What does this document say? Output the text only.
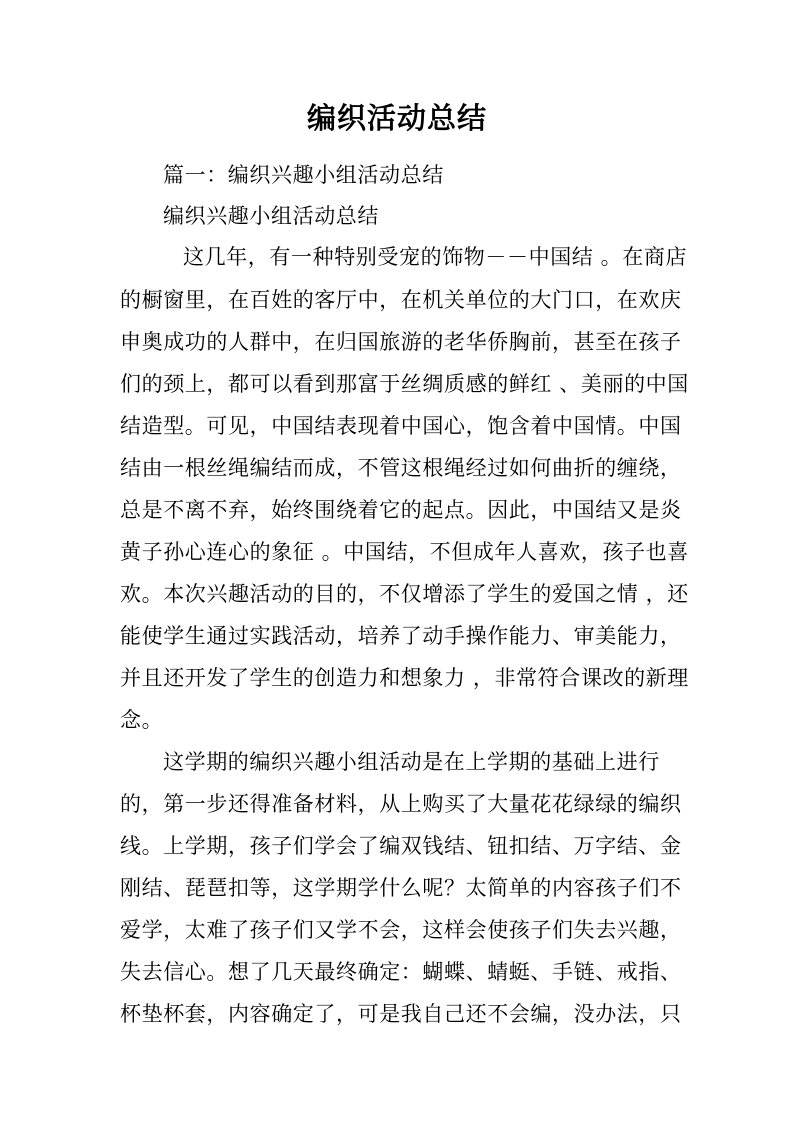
编织活动总结
篇一：编织兴趣小组活动总结
编织兴趣小组活动总结
这几年，有一种特别受宠的饰物－－中国结 。在商店
的橱窗里，在百姓的客厅中，在机关单位的大门口，在欢庆
申奥成功的人群中，在归国旅游的老华侨胸前，甚至在孩子
们的颈上，都可以看到那富于丝绸质感的鲜红 、美丽的中国
结造型。可见，中国结表现着中国心，饱含着中国情。中国
结由一根丝绳编结而成，不管这根绳经过如何曲折的缠绕，
总是不离不弃，始终围绕着它的起点。因此，中国结又是炎
黄子孙心连心的象征 。中国结，不但成年人喜欢，孩子也喜
欢。本次兴趣活动的目的，不仅增添了学生的爱国之情 ，还
能使学生通过实践活动，培养了动手操作能力、审美能力，
并且还开发了学生的创造力和想象力 ，非常符合课改的新理
念。
这学期的编织兴趣小组活动是在上学期的基础上进行
的，第一步还得准备材料，从上购买了大量花花绿绿的编织
线。上学期，孩子们学会了编双钱结、钮扣结、万字结、金
刚结、琵琶扣等，这学期学什么呢？太简单的内容孩子们不
爱学，太难了孩子们又学不会，这样会使孩子们失去兴趣，
失去信心。想了几天最终确定：蝴蝶、蜻蜓、手链、戒指、
杯垫杯套，内容确定了，可是我自己还不会编，没办法，只
